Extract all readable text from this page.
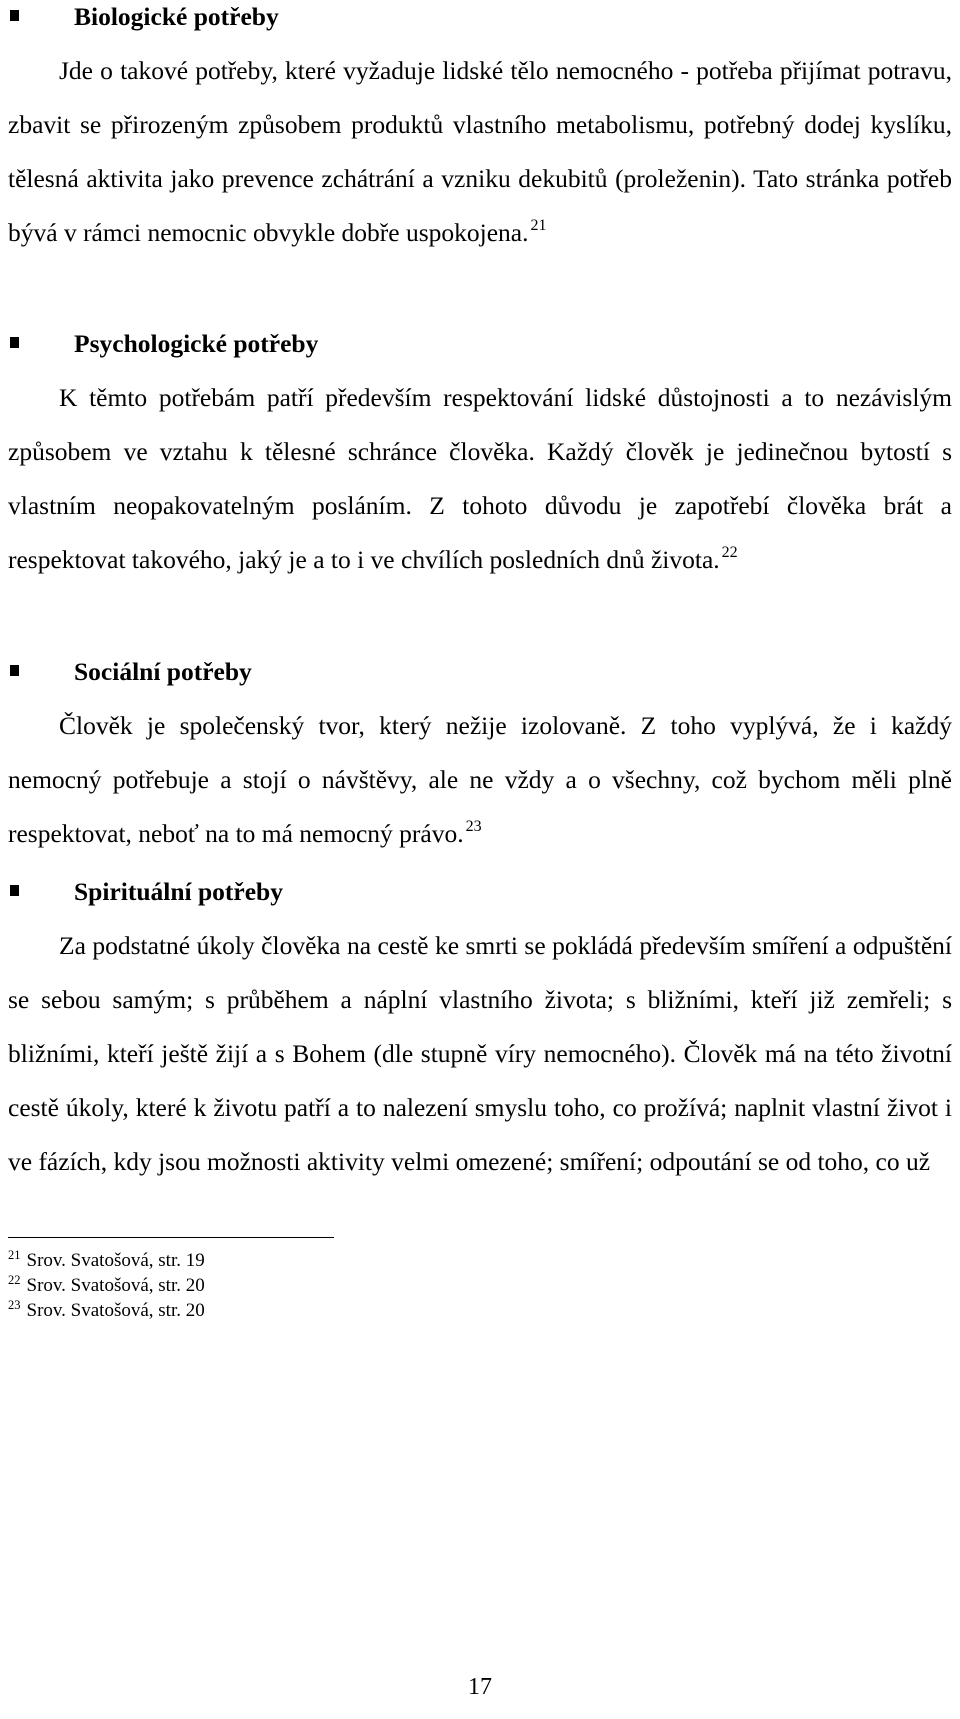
Biologické potřeby

Jde o takové potřeby, které vyžaduje lidské tělo nemocného - potřeba přijímat potravu, zbavit se přirozeným způsobem produktů vlastního metabolismu, potřebný dodej kyslíku, tělesná aktivita jako prevence zchátrání a vzniku dekubitů (proleženin). Tato stránka potřeb bývá v rámci nemocnic obvykle dobře uspokojena. $^{21}$

Psychologické potřeby

K těmto potřebám patří především respektování lidské důstojnosti a to nezávislým způsobem ve vztahu k tělesné schránce člověka. Každý člověk je jedinečnou bytostí s vlastním neopakovatelným posláním. Z tohoto důvodu je zapotřebí člověka brát a respektovat takového, jaký je a to i ve chvílích posledních dnů života. $^{22}$

Sociální potřeby

Člověk je společenský tvor, který nežije izolovaně. Z toho vyplývá, že i každý nemocný potřebuje a stojí o návštěvy, ale ne vždy a o všechny, což bychom měli plně respektovat, neboť na to má nemocný právo. $^{23}$

Spirituální potřeby

Za podstatné úkoly člověka na cestě ke smrti se pokládá především smíření a odpuštění se sebou samým; s průběhem a náplní vlastního života; s bližními, kteří již zemřeli; s bližními, kteří ještě žijí a s Bohem (dle stupně víry nemocného). Člověk má na této životní cestě úkoly, které k životu patří a to nalezení smyslu toho, co prožívá; naplnit vlastní život i ve fázích, kdy jsou možnosti aktivity velmi omezené; smíření; odpoutání se od toho, co už

$^{21}$ Srov. Svatošová, str. 19
$^{22}$ Srov. Svatošová, str. 20
$^{23}$ Srov. Svatošová, str. 20
17
